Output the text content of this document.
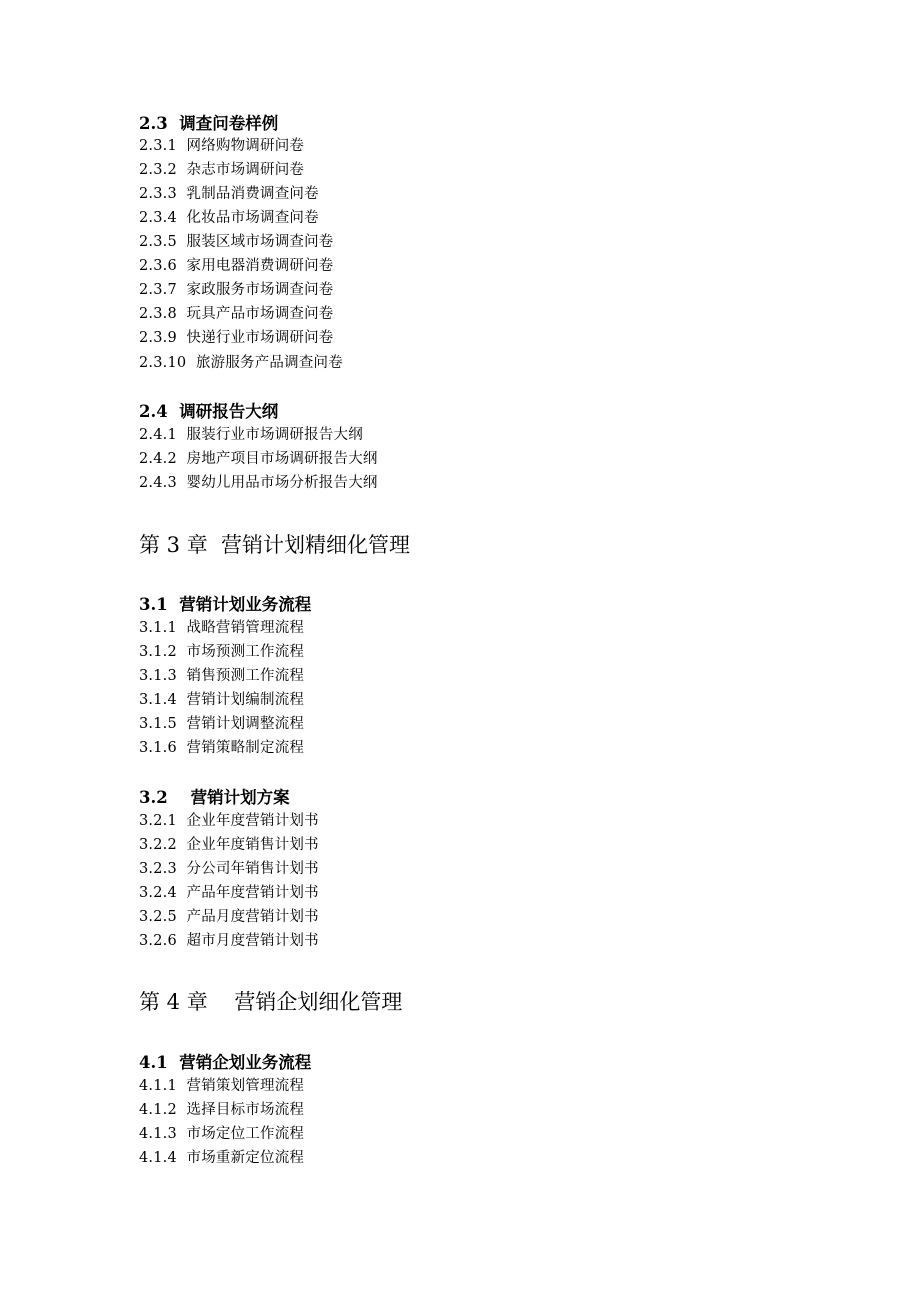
2.3  调查问卷样例
2.3.1  网络购物调研问卷
2.3.2  杂志市场调研问卷
2.3.3  乳制品消费调查问卷
2.3.4  化妆品市场调查问卷
2.3.5  服装区域市场调查问卷
2.3.6  家用电器消费调研问卷
2.3.7  家政服务市场调查问卷
2.3.8  玩具产品市场调查问卷
2.3.9  快递行业市场调研问卷
2.3.10  旅游服务产品调查问卷
2.4  调研报告大纲
2.4.1  服装行业市场调研报告大纲
2.4.2  房地产项目市场调研报告大纲
2.4.3  婴幼儿用品市场分析报告大纲
第 3 章  营销计划精细化管理
3.1  营销计划业务流程
3.1.1  战略营销管理流程
3.1.2  市场预测工作流程
3.1.3  销售预测工作流程
3.1.4  营销计划编制流程
3.1.5  营销计划调整流程
3.1.6  营销策略制定流程
3.2    营销计划方案
3.2.1  企业年度营销计划书
3.2.2  企业年度销售计划书
3.2.3  分公司年销售计划书
3.2.4  产品年度营销计划书
3.2.5  产品月度营销计划书
3.2.6  超市月度营销计划书
第 4 章    营销企划细化管理
4.1  营销企划业务流程
4.1.1  营销策划管理流程
4.1.2  选择目标市场流程
4.1.3  市场定位工作流程
4.1.4  市场重新定位流程
